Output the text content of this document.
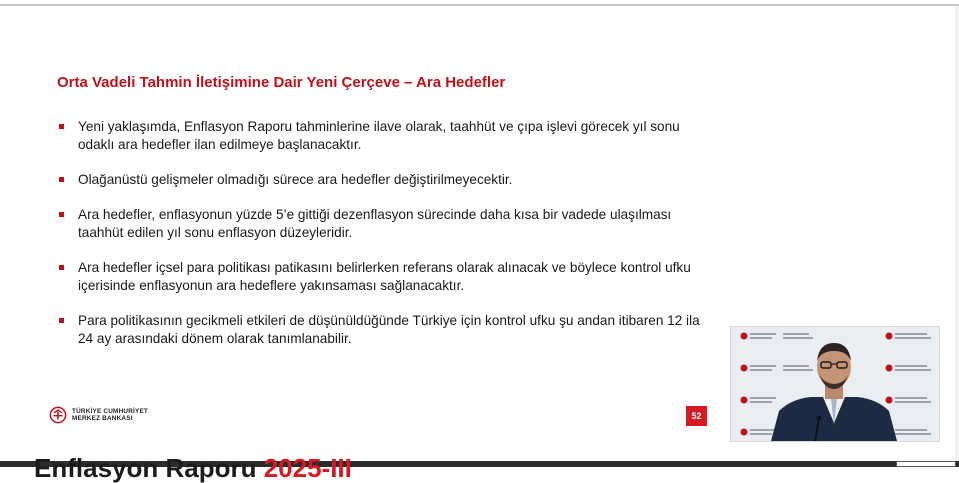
Orta Vadeli Tahmin İletişimine Dair Yeni Çerçeve – Ara Hedefler
Yeni yaklaşımda, Enflasyon Raporu tahminlerine ilave olarak, taahhüt ve çıpa işlevi görecek yıl sonu odaklı ara hedefler ilan edilmeye başlanacaktır.
Olağanüstü gelişmeler olmadığı sürece ara hedefler değiştirilmeyecektir.
Ara hedefler, enflasyonun yüzde 5’e gittiği dezenflasyon sürecinde daha kısa bir vadede ulaşılması taahhüt edilen yıl sonu enflasyon düzeyleridir.
Ara hedefler içsel para politikası patikasını belirlerken referans olarak alınacak ve böylece kontrol ufku içerisinde enflasyonun ara hedeflere yakınsaması sağlanacaktır.
Para politikasının gecikmeli etkileri de düşünüldüğünde Türkiye için kontrol ufku şu andan itibaren 12 ila 24 ay arasındaki dönem olarak tanımlanabilir.
TÜRKİYE CUMHURİYET
MERKEZ BANKASI	52
Enflasyon Raporu 2025-III
